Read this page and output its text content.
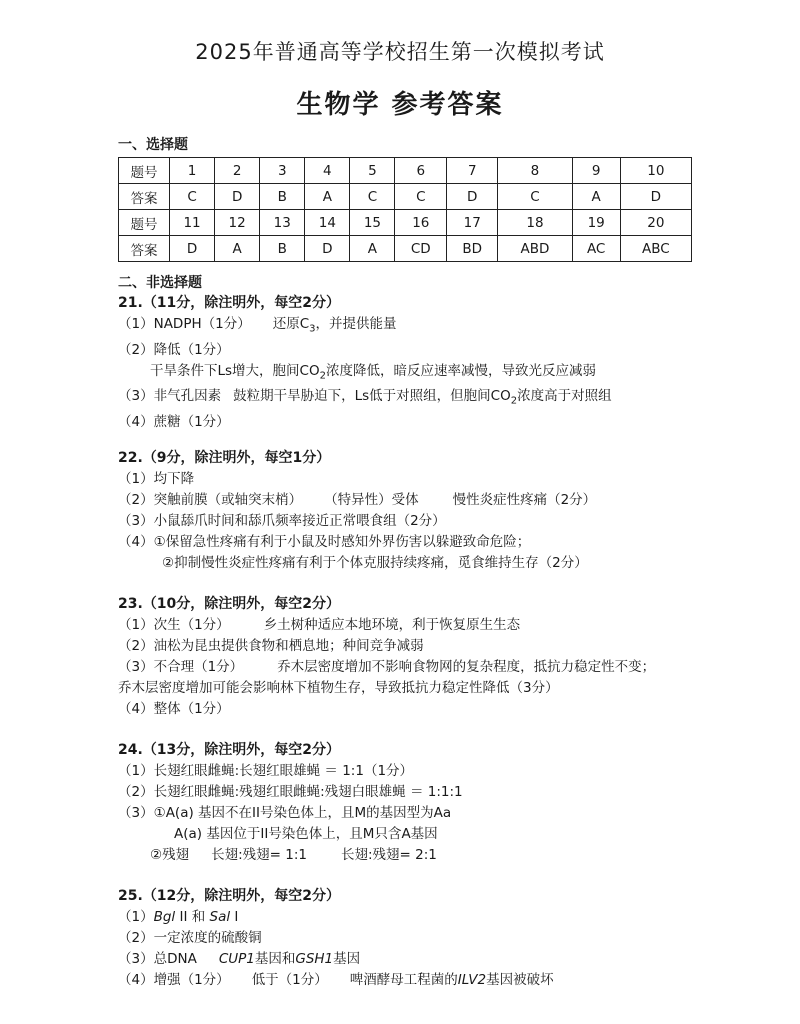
2025年普通高等学校招生第一次模拟考试
生物学 参考答案
一、选择题
题号	1	2	3	4	5	6	7	8	9	10
答案	C	D	B	A	C	C	D	C	A	D
题号	11	12	13	14	15	16	17	18	19	20
答案	D	A	B	D	A	CD	BD	ABD	AC	ABC
二、非选择题
21.（11分，除注明外，每空2分）
（1）NADPH（1分） 还原$C_3$，并提供能量
（2）降低（1分）
干旱条件下Ls增大，胞间$CO_2$浓度降低，暗反应速率减慢，导致光反应减弱
（3）非气孔因素 鼓粒期干旱胁迫下，Ls低于对照组，但胞间$CO_2$浓度高于对照组
（4）蔗糖（1分）
22.（9分，除注明外，每空1分）
（1）均下降
（2）突触前膜（或轴突末梢） （特异性）受体	慢性炎症性疼痛（2分）
（3）小鼠舔爪时间和舔爪频率接近正常喂食组（2分）
（4）①保留急性疼痛有利于小鼠及时感知外界伤害以躲避致命危险；
②抑制慢性炎症性疼痛有利于个体克服持续疼痛，觅食维持生存（2分）
23.（10分，除注明外，每空2分）
（1）次生（1分）	乡土树种适应本地环境，利于恢复原生生态
（2）油松为昆虫提供食物和栖息地；种间竞争减弱
（3）不合理（1分）	乔木层密度增加不影响食物网的复杂程度，抵抗力稳定性不变；
乔木层密度增加可能会影响林下植物生存，导致抵抗力稳定性降低（3分）
（4）整体（1分）
24.（13分，除注明外，每空2分）
（1）长翅红眼雌蝇:长翅红眼雄蝇 ＝ 1:1（1分）
（2）长翅红眼雌蝇:残翅红眼雌蝇:残翅白眼雄蝇 ＝ 1:1:1
（3）①A(a) 基因不在II号染色体上，且M的基因型为Aa
A(a) 基因位于II号染色体上，且M只含A基因
②残翅 长翅:残翅= 1:1	长翅:残翅= 2:1
25.（12分，除注明外，每空2分）
（1）Bgl II 和 Sal I
（2）一定浓度的硫酸铜
（3）总DNA CUP1基因和GSH1基因
（4）增强（1分） 低于（1分） 啤酒酵母工程菌的ILV2基因被破坏
